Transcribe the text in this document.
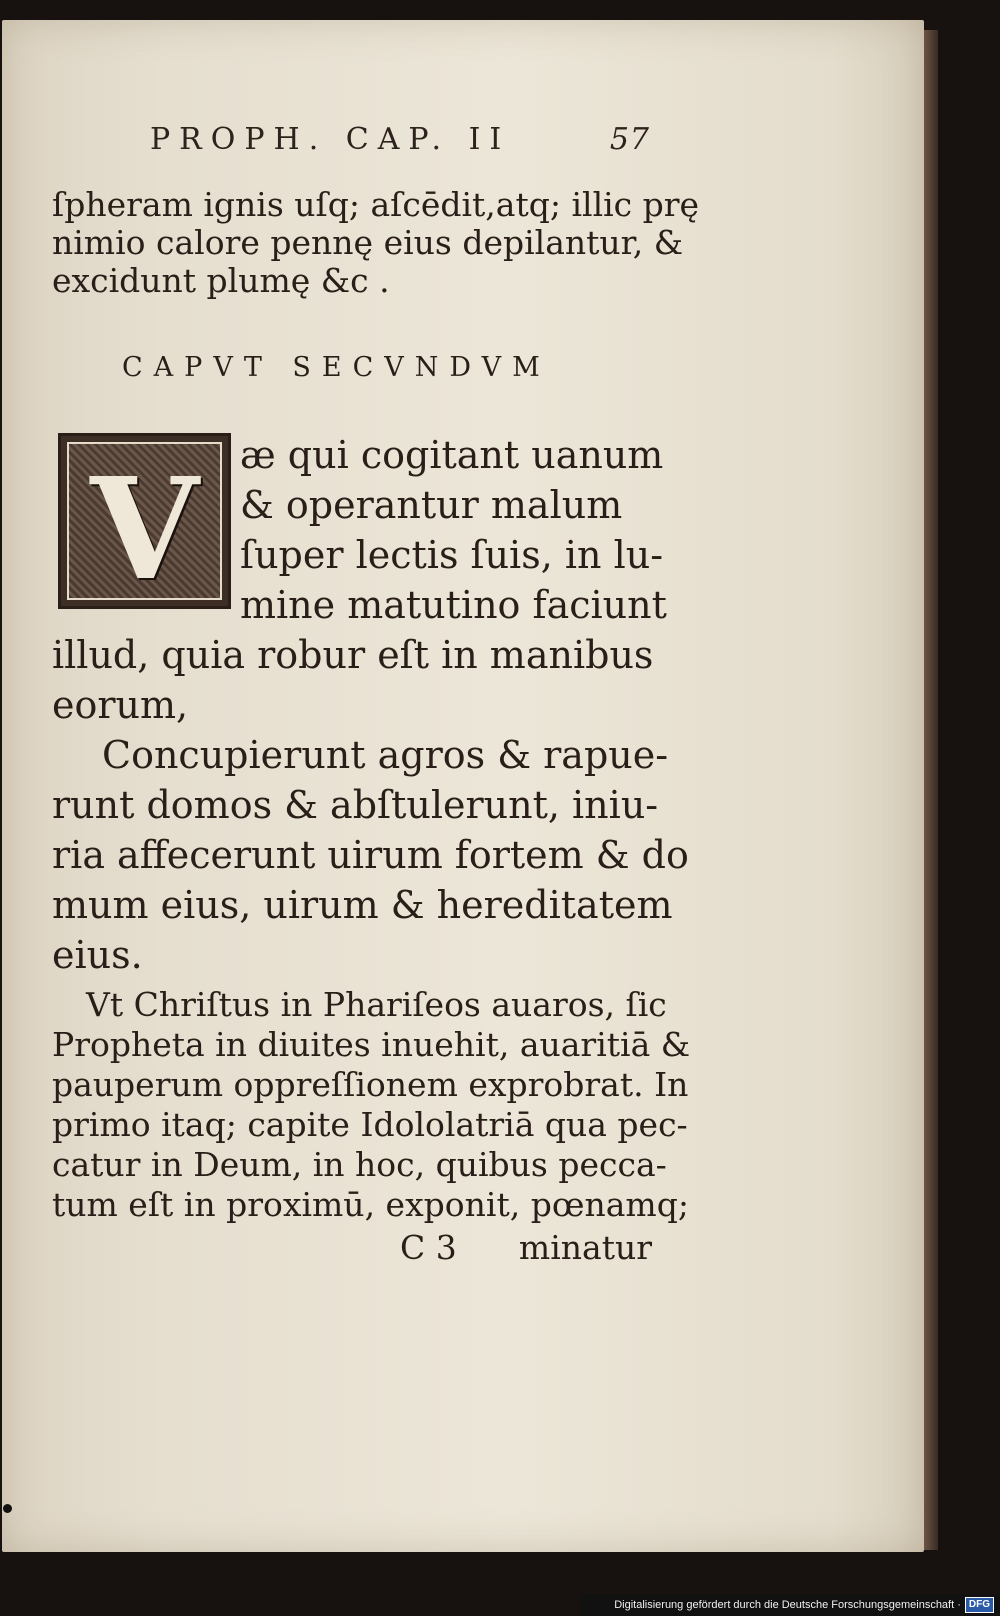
PROPH. CAP. II	57
ſpheram ignis uſq; aſcēdit,atq; illic prę
nimio calore pennę eius depilantur, &
excidunt plumę &c .
CAPVT SECVNDVM
V	æ qui cogitant uanum
& operantur malum
ſuper lectis ſuis, in lu-
mine matutino faciunt
illud, quia robur eſt in manibus
eorum,
Concupierunt agros & rapue-
runt domos & abſtulerunt, iniu-
ria affecerunt uirum fortem & do
mum eius, uirum & hereditatem
eius.
Vt Chriſtus in Phariſeos auaros, ſic
Propheta in diuites inuehit, auaritiā &
pauperum oppreſſionem exprobrat. In
primo itaq; capite Idololatriā qua pec-
catur in Deum, in hoc, quibus pecca-
tum eſt in proximū, exponit, pœnamq;
C 3 minatur
Digitalisierung gefördert durch die Deutsche Forschungsgemeinschaft · DFG
